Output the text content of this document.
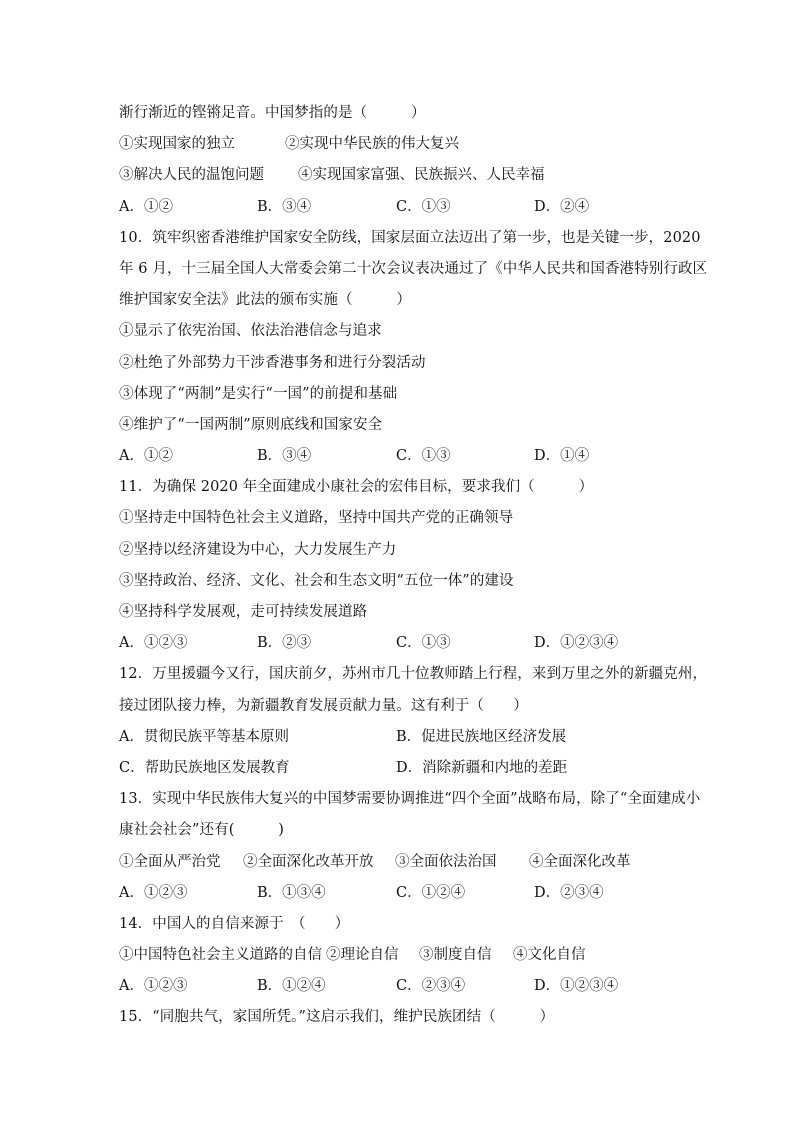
渐行渐近的铿锵足音。中国梦指的是（　　　）
①实现国家的独立	②实现中华民族的伟大复兴
③解决人民的温饱问题 ④实现国家富强、民族振兴、人民幸福
A．①②	B．③④	C．①③	D．②④
10．筑牢织密香港维护国家安全防线，国家层面立法迈出了第一步，也是关键一步，2020
年 6 月，十三届全国人大常委会第二十次会议表决通过了《中华人民共和国香港特别行政区
维护国家安全法》此法的颁布实施（　　　）
①显示了依宪治国、依法治港信念与追求
②杜绝了外部势力干涉香港事务和进行分裂活动
③体现了“两制”是实行“一国”的前提和基础
④维护了“一国两制”原则底线和国家安全
A．①②	B．③④	C．①③	D．①④
11．为确保 2020 年全面建成小康社会的宏伟目标，要求我们（　　　）
①坚持走中国特色社会主义道路，坚持中国共产党的正确领导
②坚持以经济建设为中心，大力发展生产力
③坚持政治、经济、文化、社会和生态文明“五位一体”的建设
④坚持科学发展观，走可持续发展道路
A．①②③	B．②③	C．①③	D．①②③④
12．万里援疆今又行，国庆前夕，苏州市几十位教师踏上行程，来到万里之外的新疆克州，
接过团队接力棒，为新疆教育发展贡献力量。这有利于（　　）
A．贯彻民族平等基本原则	B．促进民族地区经济发展
C．帮助民族地区发展教育	D．消除新疆和内地的差距
13．实现中华民族伟大复兴的中国梦需要协调推进“四个全面”战略布局，除了“全面建成小
康社会社会”还有(　　　)
①全面从严治党 ②全面深化改革开放 ③全面依法治国 ④全面深化改革
A．①②③	B．①③④	C．①②④	D．②③④
14．中国人的自信来源于　（　　）
①中国特色社会主义道路的自信 ②理论自信 ③制度自信 ④文化自信
A．①②③	B．①②④	C．②③④	D．①②③④
15．“同胞共气，家国所凭。”这启示我们，维护民族团结（　　　）
